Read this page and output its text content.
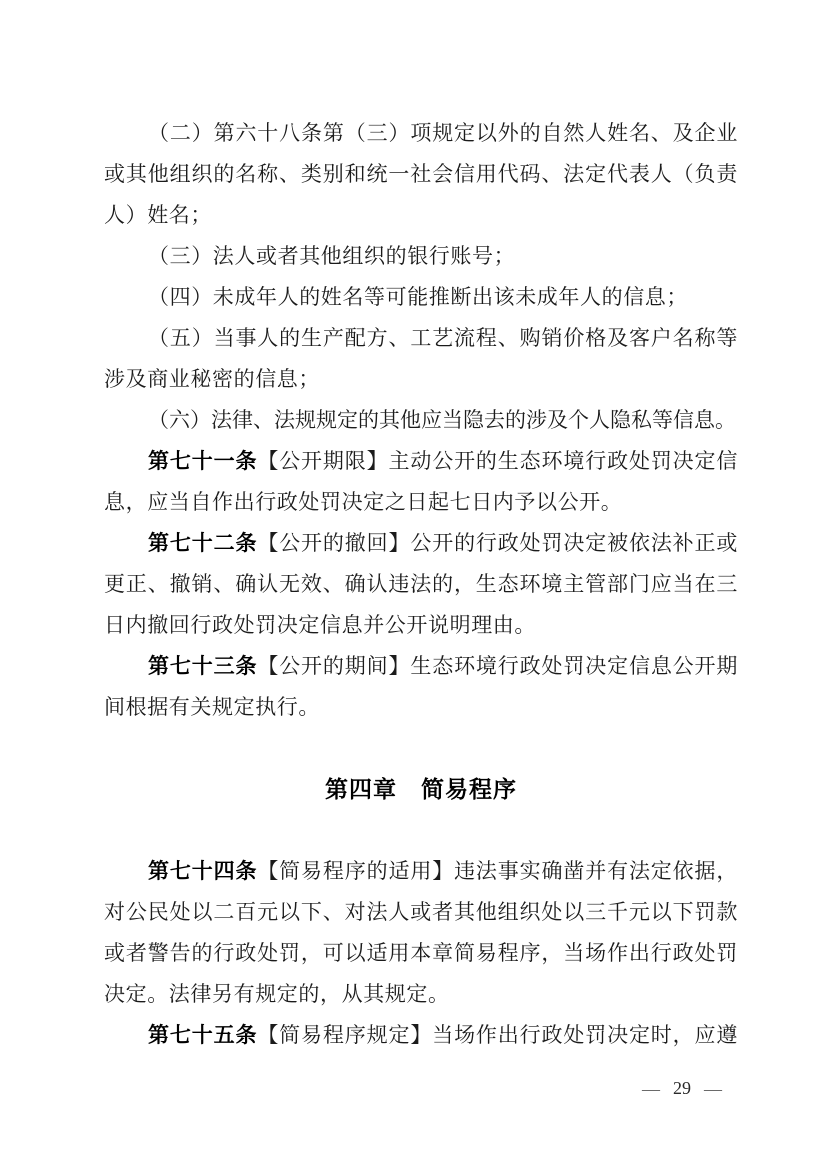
（二）第六十八条第（三）项规定以外的自然人姓名、及企业或其他组织的名称、类别和统一社会信用代码、法定代表人（负责人）姓名；

（三）法人或者其他组织的银行账号；

（四）未成年人的姓名等可能推断出该未成年人的信息；

（五）当事人的生产配方、工艺流程、购销价格及客户名称等涉及商业秘密的信息；

（六）法律、法规规定的其他应当隐去的涉及个人隐私等信息。

第七十一条【公开期限】主动公开的生态环境行政处罚决定信息，应当自作出行政处罚决定之日起七日内予以公开。

第七十二条【公开的撤回】公开的行政处罚决定被依法补正或更正、撤销、确认无效、确认违法的，生态环境主管部门应当在三日内撤回行政处罚决定信息并公开说明理由。

第七十三条【公开的期间】生态环境行政处罚决定信息公开期间根据有关规定执行。

第四章 简易程序

第七十四条【简易程序的适用】违法事实确凿并有法定依据，对公民处以二百元以下、对法人或者其他组织处以三千元以下罚款或者警告的行政处罚，可以适用本章简易程序，当场作出行政处罚决定。法律另有规定的，从其规定。

第七十五条【简易程序规定】当场作出行政处罚决定时，应遵

— 29 —
